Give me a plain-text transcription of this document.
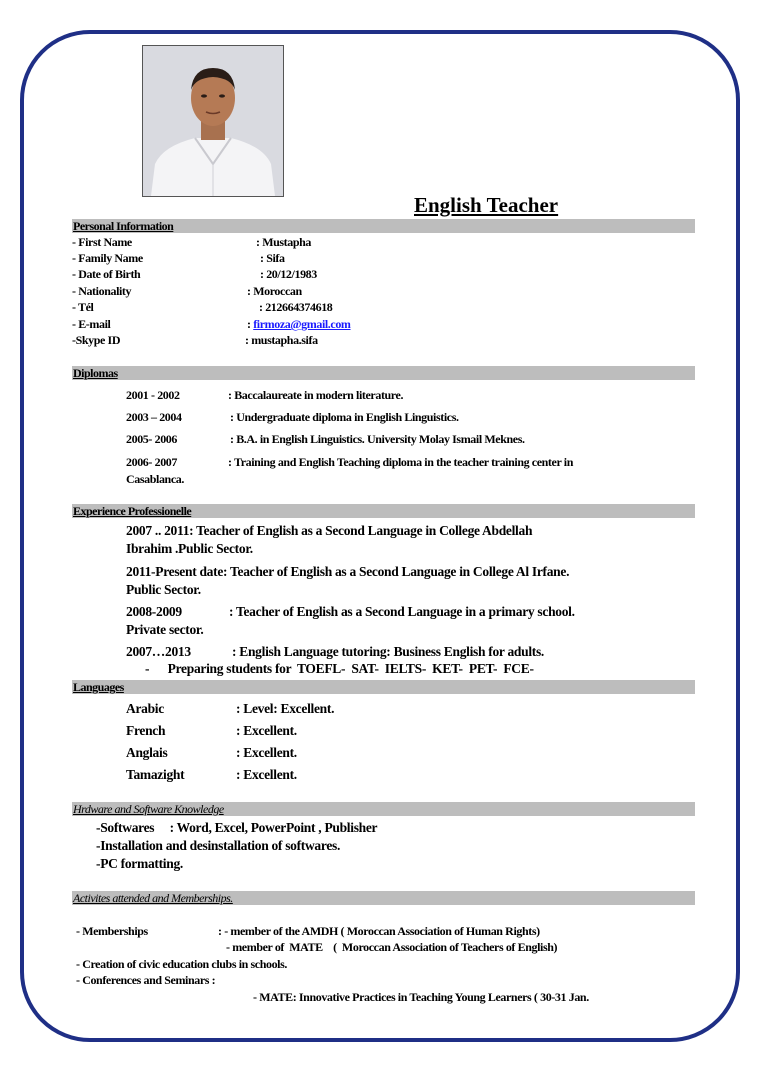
English Teacher
Personal Information
- First Name	: Mustapha
- Family Name	: Sifa
- Date of Birth	: 20/12/1983
- Nationality	: Moroccan
- Tél	: 212664374618
- E-mail	: firmoza@gmail.com
-Skype ID	: mustapha.sifa
Diplomas
2001 - 2002	: Baccalaureate in modern literature.
2003 – 2004	: Undergraduate diploma in English Linguistics.
2005- 2006	: B.A. in English Linguistics. University Molay Ismail Meknes.
2006- 2007	: Training and English Teaching diploma in the teacher training center in
Casablanca.
Experience Professionelle
2007 .. 2011: Teacher of English as a Second Language in College Abdellah
Ibrahim .Public Sector.
2011-Present date: Teacher of English as a Second Language in College Al Irfane.
Public Sector.
2008-2009	: Teacher of English as a Second Language in a primary school.
Private sector.
2007…2013	: English Language tutoring: Business English for adults.
-      Preparing students for  TOEFL-  SAT-  IELTS-  KET-  PET-  FCE-
Languages
Arabic	: Level: Excellent.
French	: Excellent.
Anglais	: Excellent.
Tamazight	: Excellent.
Hrdware and Software Knowledge
-Softwares     : Word, Excel, PowerPoint , Publisher
-Installation and desinstallation of softwares.
-PC formatting.
Activites attended and Memberships.
- Memberships	: - member of the AMDH ( Moroccan Association of Human Rights)
- member of  MATE    (  Moroccan Association of Teachers of English)
- Creation of civic education clubs in schools.
- Conferences and Seminars :
- MATE: Innovative Practices in Teaching Young Learners ( 30-31 Jan.
